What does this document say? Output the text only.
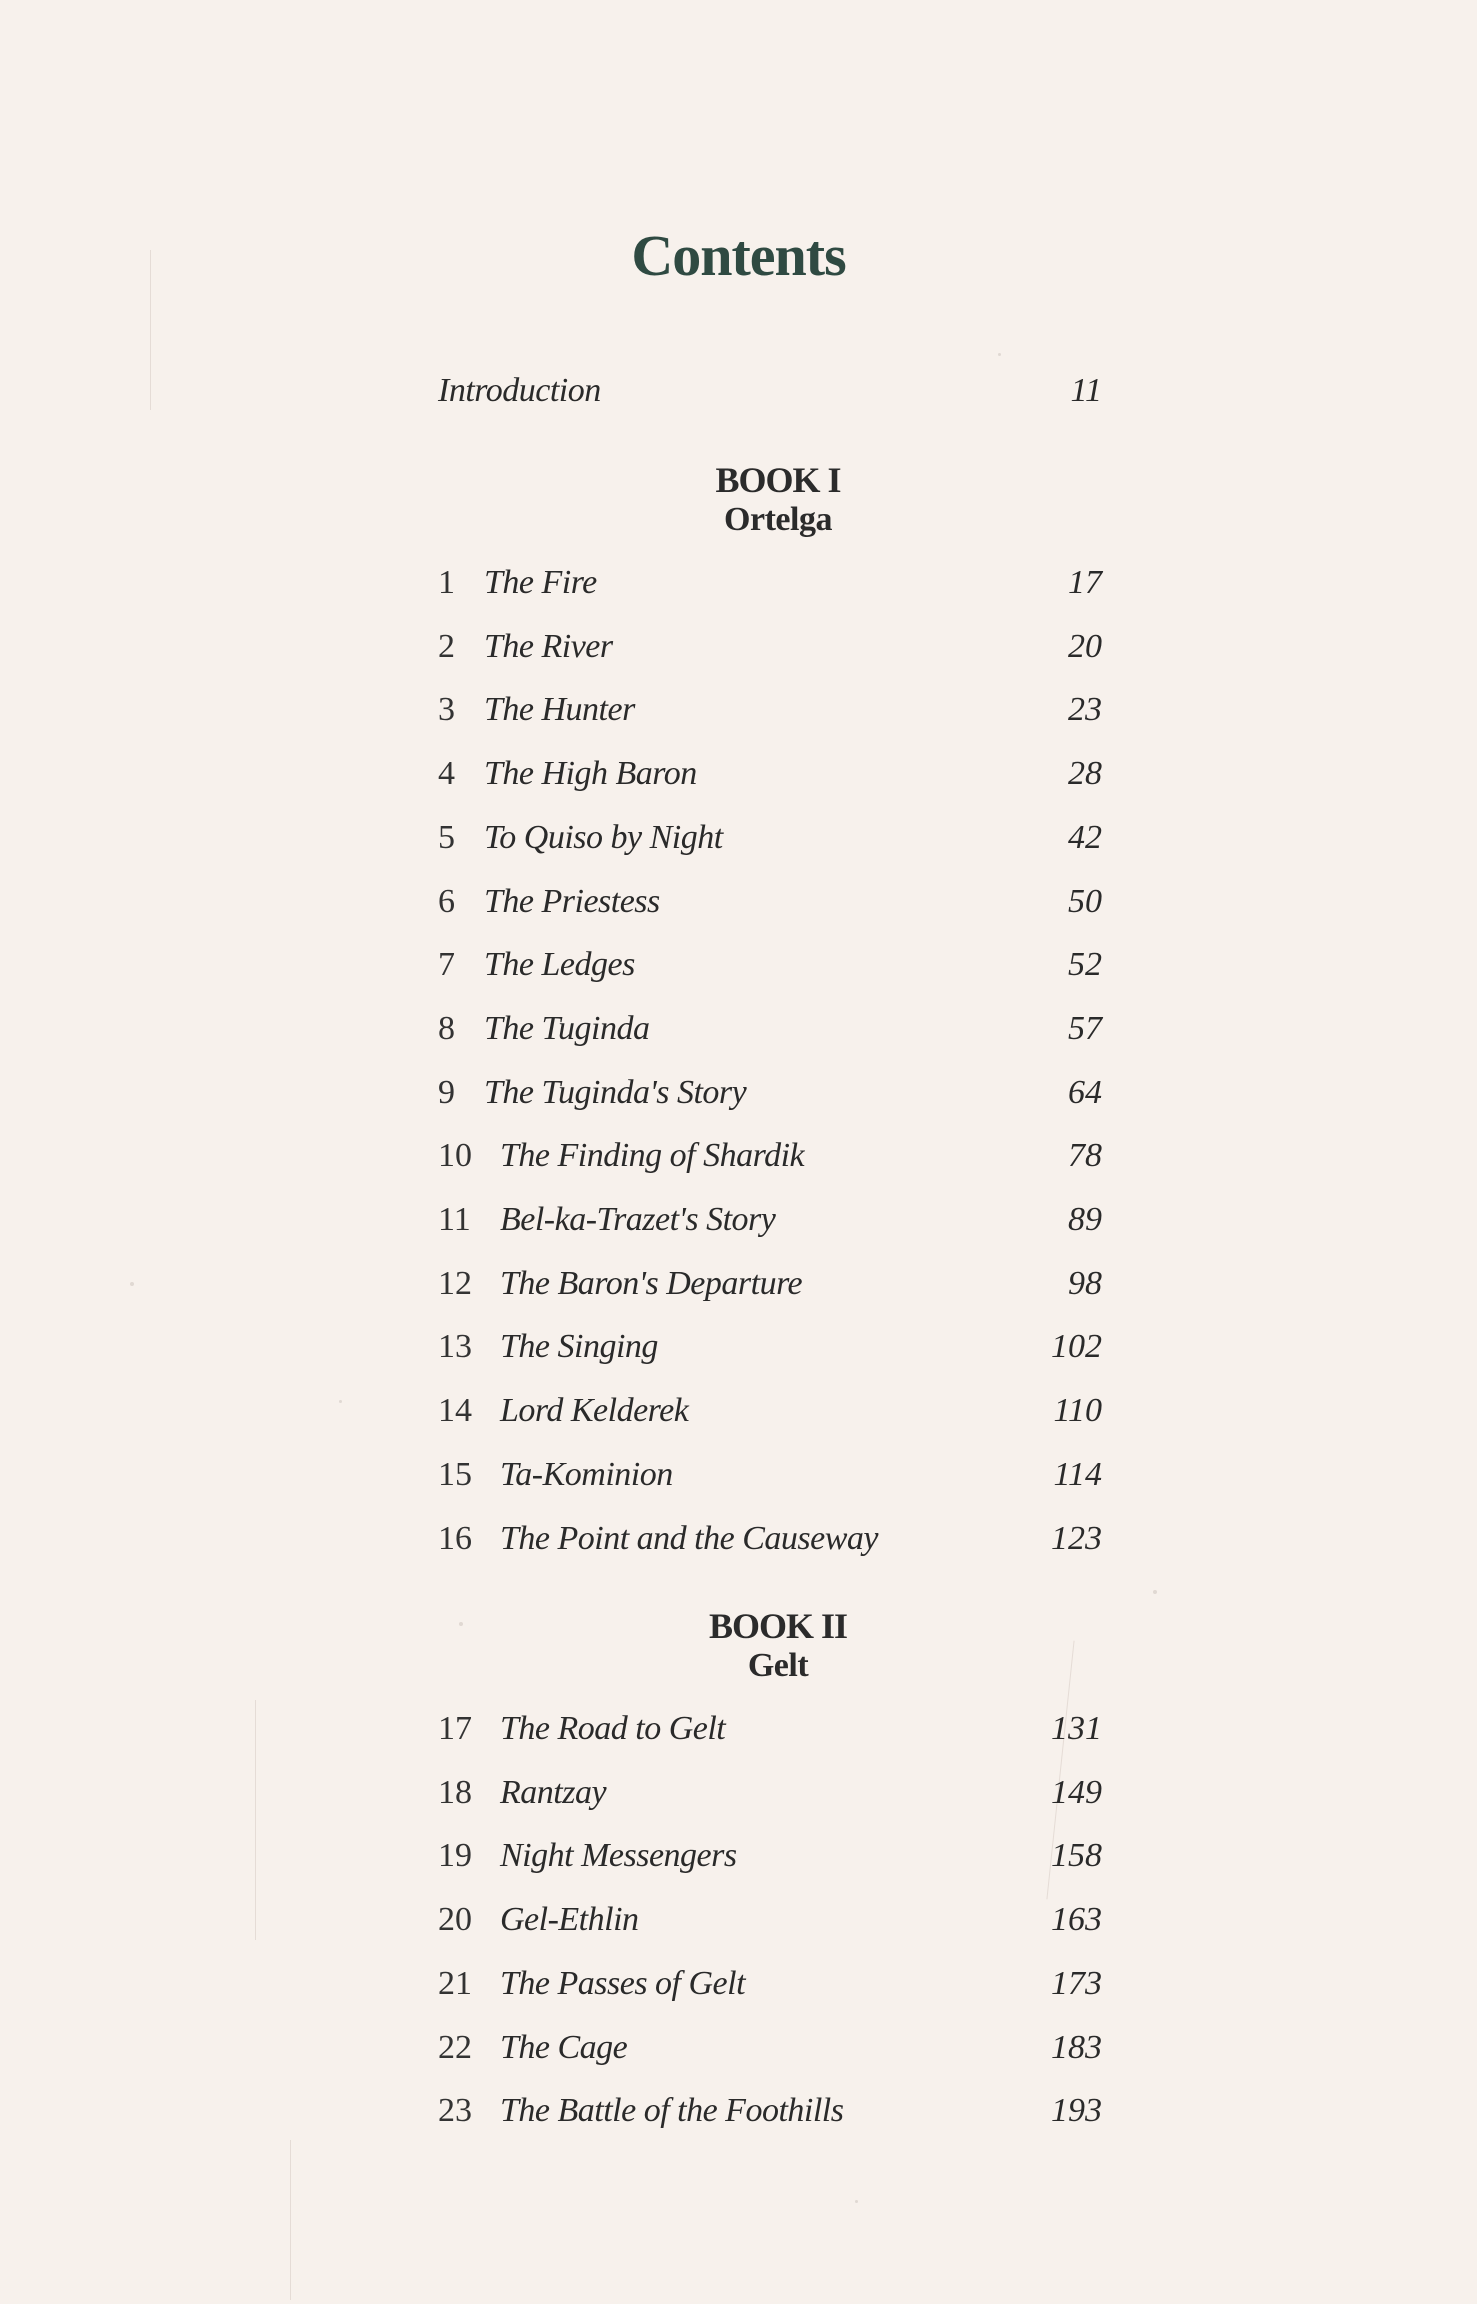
Contents
Introduction	11
BOOK I
Ortelga
1 The Fire	17
2 The River	20
3 The Hunter	23
4 The High Baron	28
5 To Quiso by Night	42
6 The Priestess	50
7 The Ledges	52
8 The Tuginda	57
9 The Tuginda's Story	64
10 The Finding of Shardik	78
11 Bel-ka-Trazet's Story	89
12 The Baron's Departure	98
13 The Singing	102
14 Lord Kelderek	110
15 Ta-Kominion	114
16 The Point and the Causeway	123
BOOK II
Gelt
17 The Road to Gelt	131
18 Rantzay	149
19 Night Messengers	158
20 Gel-Ethlin	163
21 The Passes of Gelt	173
22 The Cage	183
23 The Battle of the Foothills	193
